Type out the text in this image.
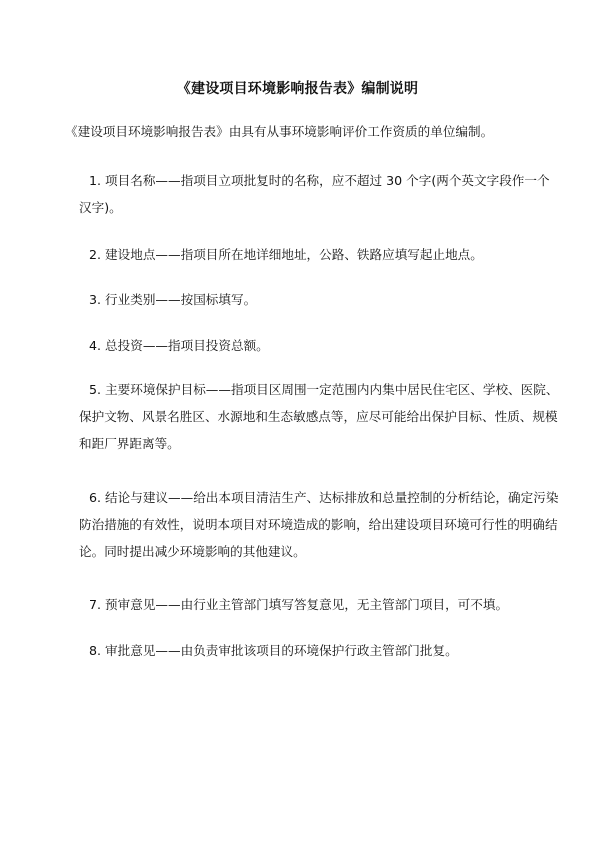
《建设项目环境影响报告表》编制说明

《建设项目环境影响报告表》由具有从事环境影响评价工作资质的单位编制。

1. 项目名称——指项目立项批复时的名称，应不超过 30 个字(两个英文字段作一个汉字)。

2. 建设地点——指项目所在地详细地址，公路、铁路应填写起止地点。

3. 行业类别——按国标填写。

4. 总投资——指项目投资总额。

5. 主要环境保护目标——指项目区周围一定范围内内集中居民住宅区、学校、医院、保护文物、风景名胜区、水源地和生态敏感点等，应尽可能给出保护目标、性质、规模和距厂界距离等。

6. 结论与建议——给出本项目清洁生产、达标排放和总量控制的分析结论，确定污染防治措施的有效性，说明本项目对环境造成的影响，给出建设项目环境可行性的明确结论。同时提出减少环境影响的其他建议。

7. 预审意见——由行业主管部门填写答复意见，无主管部门项目，可不填。

8. 审批意见——由负责审批该项目的环境保护行政主管部门批复。
